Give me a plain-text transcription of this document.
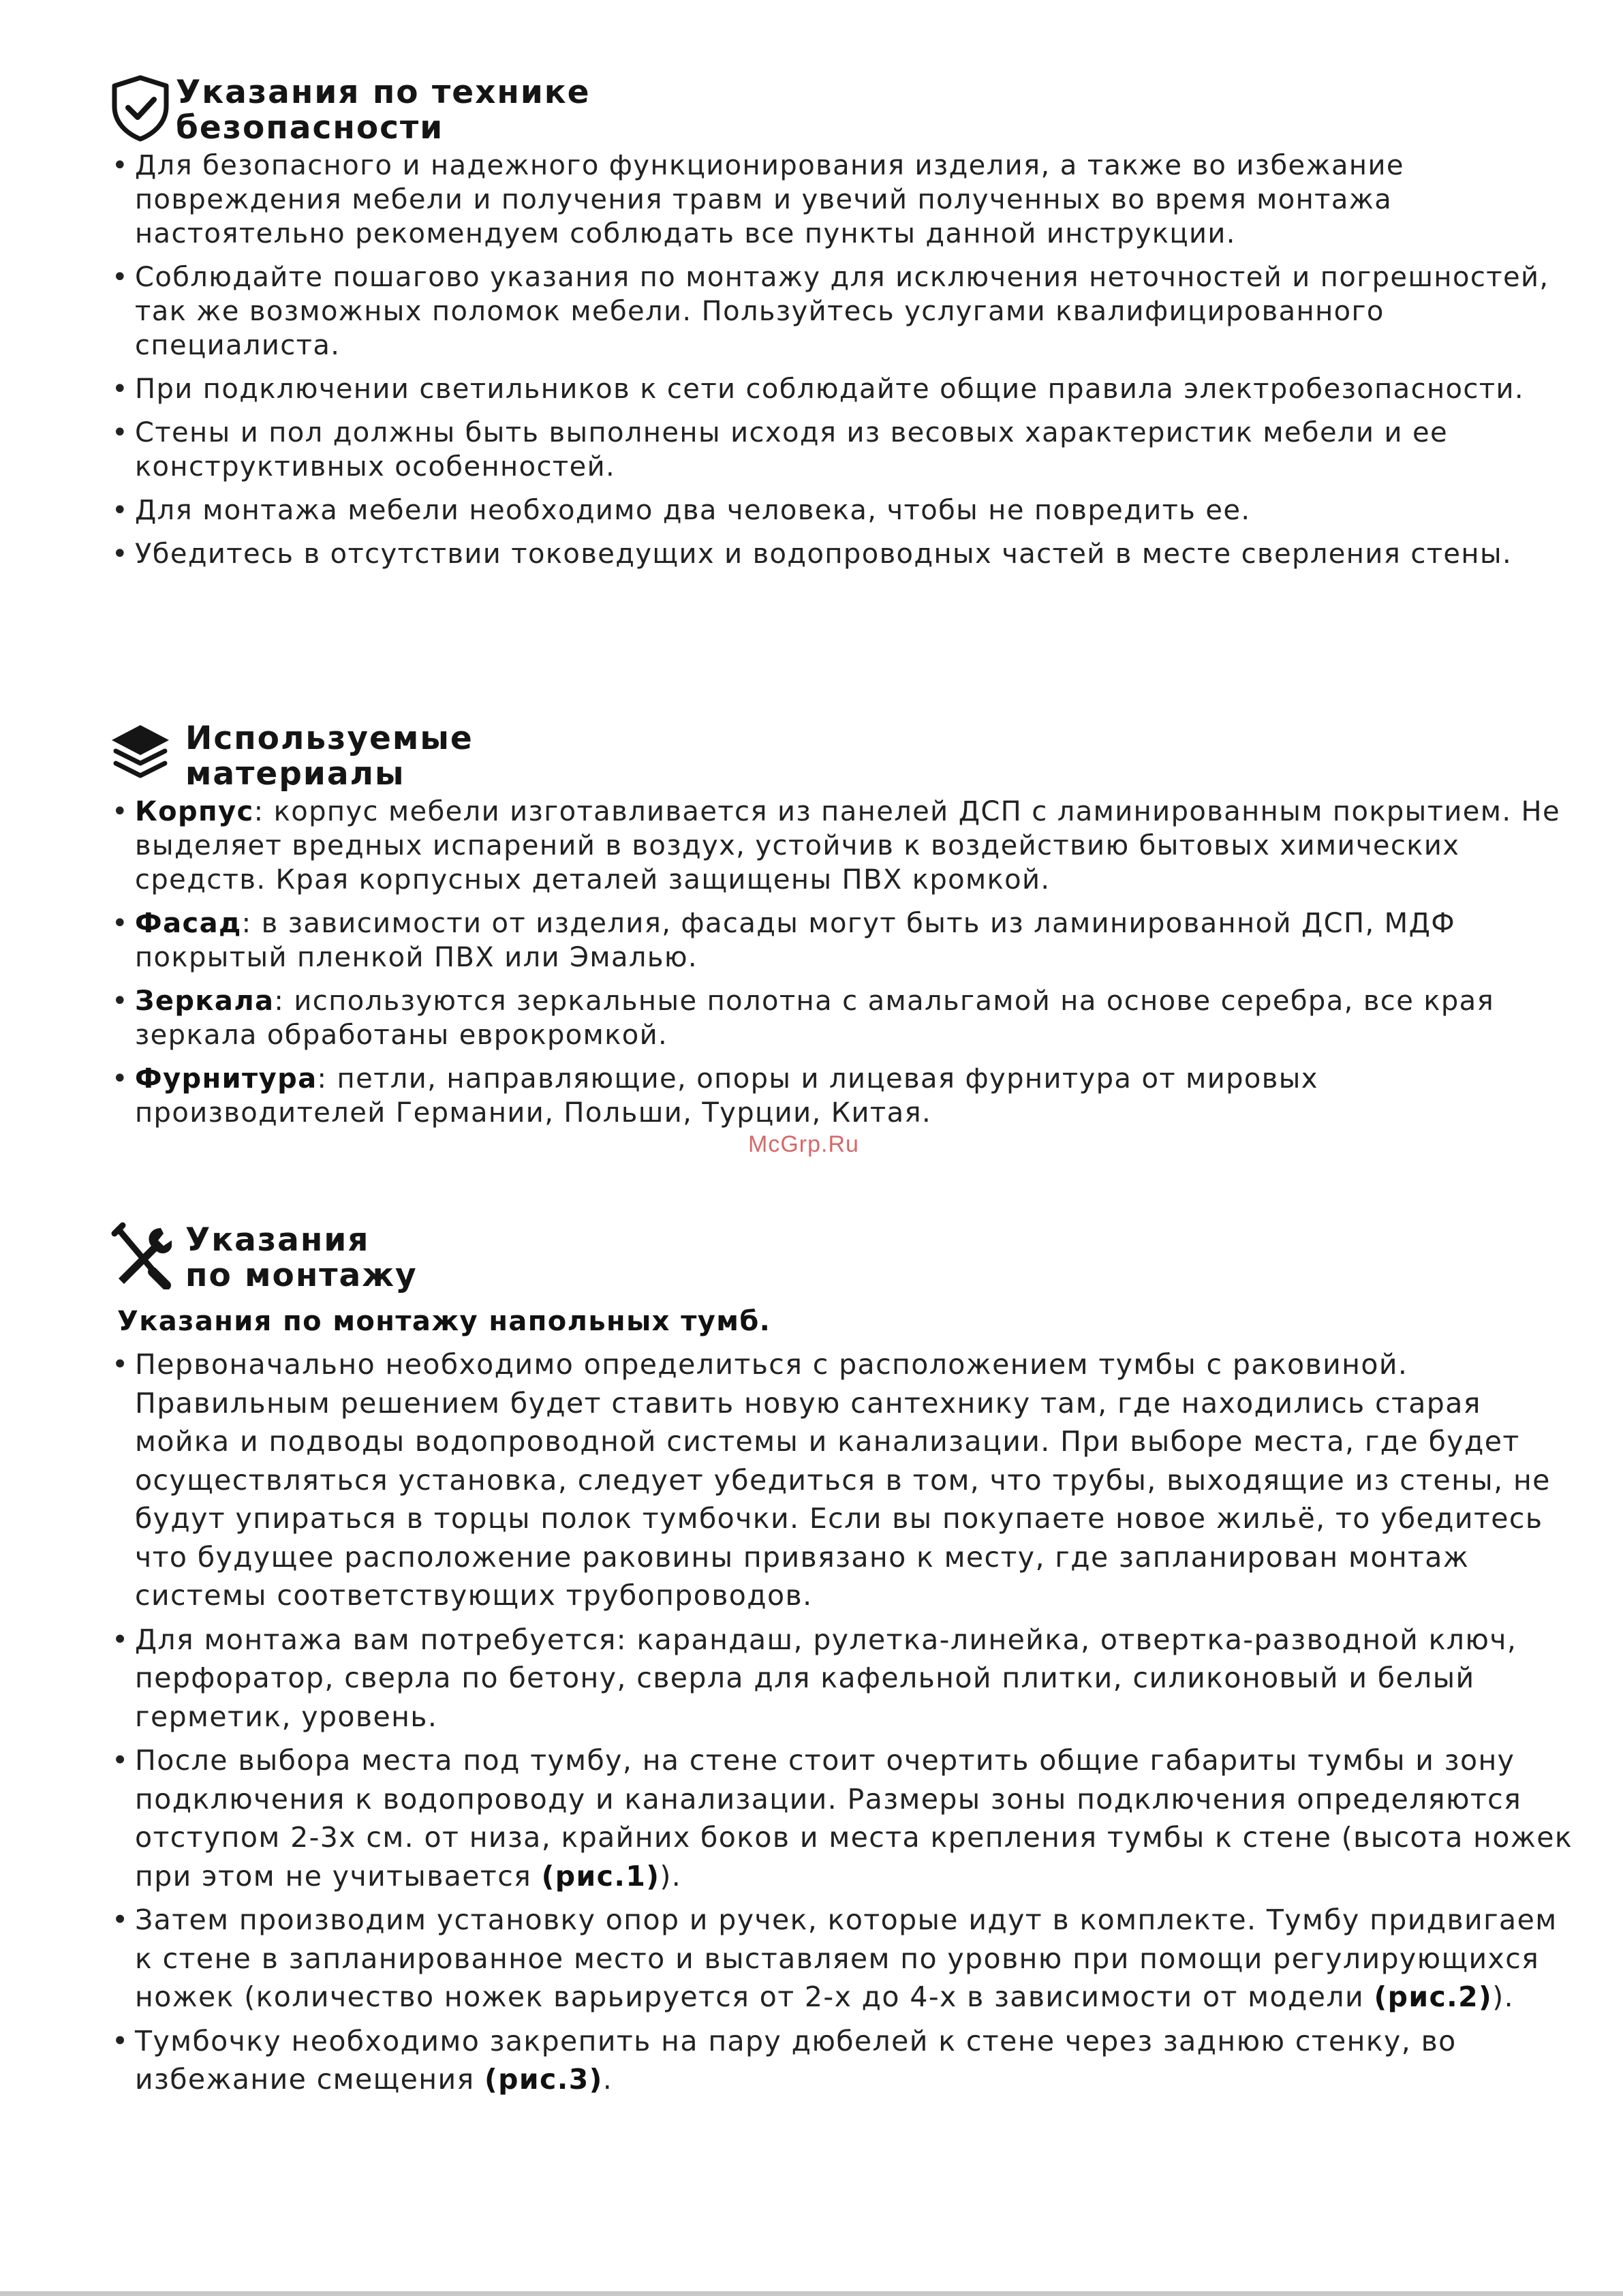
Указания по технике
безопасности
• Для безопасного и надежного функционирования изделия, а также во избежание повреждения мебели и получения травм и увечий полученных во время монтажа настоятельно рекомендуем соблюдать все пункты данной инструкции.
• Соблюдайте пошагово указания по монтажу для исключения неточностей и погрешностей, так же возможных поломок мебели. Пользуйтесь услугами квалифицированного специалиста.
• При подключении светильников к сети соблюдайте общие правила электробезопасности.
• Стены и пол должны быть выполнены исходя из весовых характеристик мебели и ее конструктивных особенностей.
• Для монтажа мебели необходимо два человека, чтобы не повредить ее.
• Убедитесь в отсутствии токоведущих и водопроводных частей в месте сверления стены.
Используемые
материалы
• Корпус: корпус мебели изготавливается из панелей ДСП с ламинированным покрытием. Не выделяет вредных испарений в воздух, устойчив к воздействию бытовых химических средств. Края корпусных деталей защищены ПВХ кромкой.
• Фасад: в зависимости от изделия, фасады могут быть из ламинированной ДСП, МДФ покрытый пленкой ПВХ или Эмалью.
• Зеркала: используются зеркальные полотна с амальгамой на основе серебра, все края зеркала обработаны еврокромкой.
• Фурнитура: петли, направляющие, опоры и лицевая фурнитура от мировых производителей Германии, Польши, Турции, Китая.
McGrp.Ru
Указания
по монтажу
Указания по монтажу напольных тумб.
• Первоначально необходимо определиться с расположением тумбы с раковиной. Правильным решением будет ставить новую сантехнику там, где находились старая мойка и подводы водопроводной системы и канализации. При выборе места, где будет осуществляться установка, следует убедиться в том, что трубы, выходящие из стены, не будут упираться в торцы полок тумбочки. Если вы покупаете новое жильё, то убедитесь что будущее расположение раковины привязано к месту, где запланирован монтаж системы соответствующих трубопроводов.
• Для монтажа вам потребуется: карандаш, рулетка-линейка, отвертка-разводной ключ, перфоратор, сверла по бетону, сверла для кафельной плитки, силиконовый и белый герметик, уровень.
• После выбора места под тумбу, на стене стоит очертить общие габариты тумбы и зону подключения к водопроводу и канализации. Размеры зоны подключения определяются отступом 2-3х см. от низа, крайних боков и места крепления тумбы к стене (высота ножек при этом не учитывается (рис.1)).
• Затем производим установку опор и ручек, которые идут в комплекте. Тумбу придвигаем к стене в запланированное место и выставляем по уровню при помощи регулирующихся ножек (количество ножек варьируется от 2-х до 4-х в зависимости от модели (рис.2)).
• Тумбочку необходимо закрепить на пару дюбелей к стене через заднюю стенку, во избежание смещения (рис.3).
